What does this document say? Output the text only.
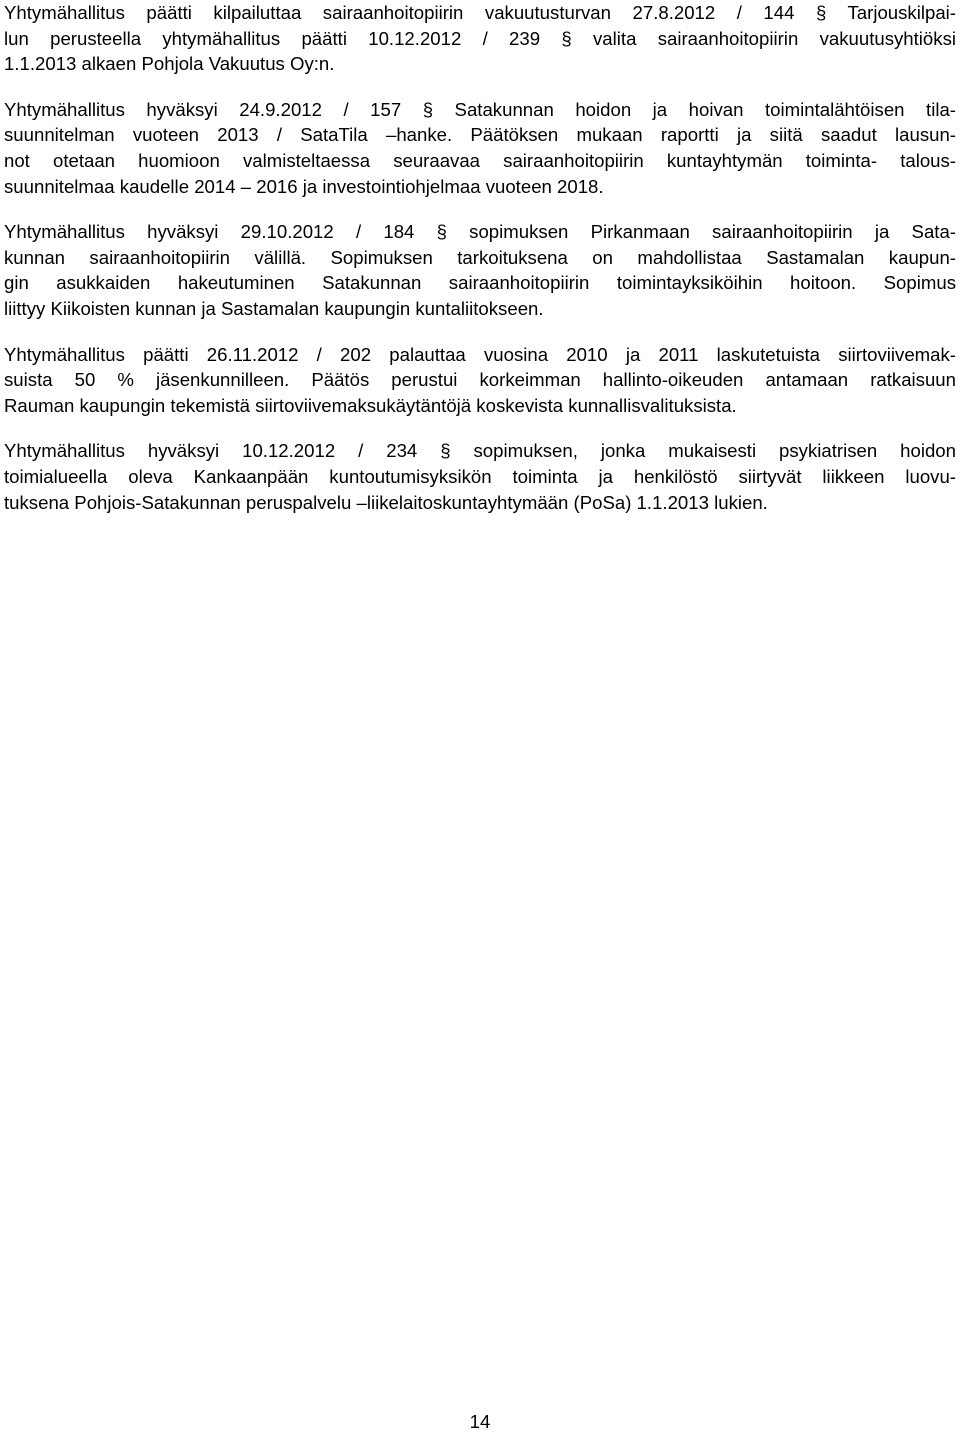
Yhtymähallitus päätti kilpailuttaa sairaanhoitopiirin vakuutusturvan 27.8.2012 / 144 § Tarjouskilpai-
lun perusteella yhtymähallitus päätti 10.12.2012 / 239 § valita sairaanhoitopiirin vakuutusyhtiöksi
1.1.2013 alkaen Pohjola Vakuutus Oy:n.
Yhtymähallitus hyväksyi 24.9.2012 / 157 § Satakunnan hoidon ja hoivan toimintalähtöisen tila-
suunnitelman vuoteen 2013 / SataTila –hanke. Päätöksen mukaan raportti ja siitä saadut lausun-
not otetaan huomioon valmisteltaessa seuraavaa sairaanhoitopiirin kuntayhtymän toiminta- talous-
suunnitelmaa kaudelle 2014 – 2016 ja investointiohjelmaa vuoteen 2018.
Yhtymähallitus hyväksyi 29.10.2012 / 184 § sopimuksen Pirkanmaan sairaanhoitopiirin ja Sata-
kunnan sairaanhoitopiirin välillä. Sopimuksen tarkoituksena on mahdollistaa Sastamalan kaupun-
gin asukkaiden hakeutuminen Satakunnan sairaanhoitopiirin toimintayksiköihin hoitoon. Sopimus
liittyy Kiikoisten kunnan ja Sastamalan kaupungin kuntaliitokseen.
Yhtymähallitus päätti 26.11.2012 / 202 palauttaa vuosina 2010 ja 2011 laskutetuista siirtoviivemak-
suista 50 % jäsenkunnilleen. Päätös perustui korkeimman hallinto-oikeuden antamaan ratkaisuun
Rauman kaupungin tekemistä siirtoviivemaksukäytäntöjä koskevista kunnallisvalituksista.
Yhtymähallitus hyväksyi 10.12.2012 / 234 § sopimuksen, jonka mukaisesti psykiatrisen hoidon
toimialueella oleva Kankaanpään kuntoutumisyksikön toiminta ja henkilöstö siirtyvät liikkeen luovu-
tuksena Pohjois-Satakunnan peruspalvelu –liikelaitoskuntayhtymään (PoSa) 1.1.2013 lukien.
14
